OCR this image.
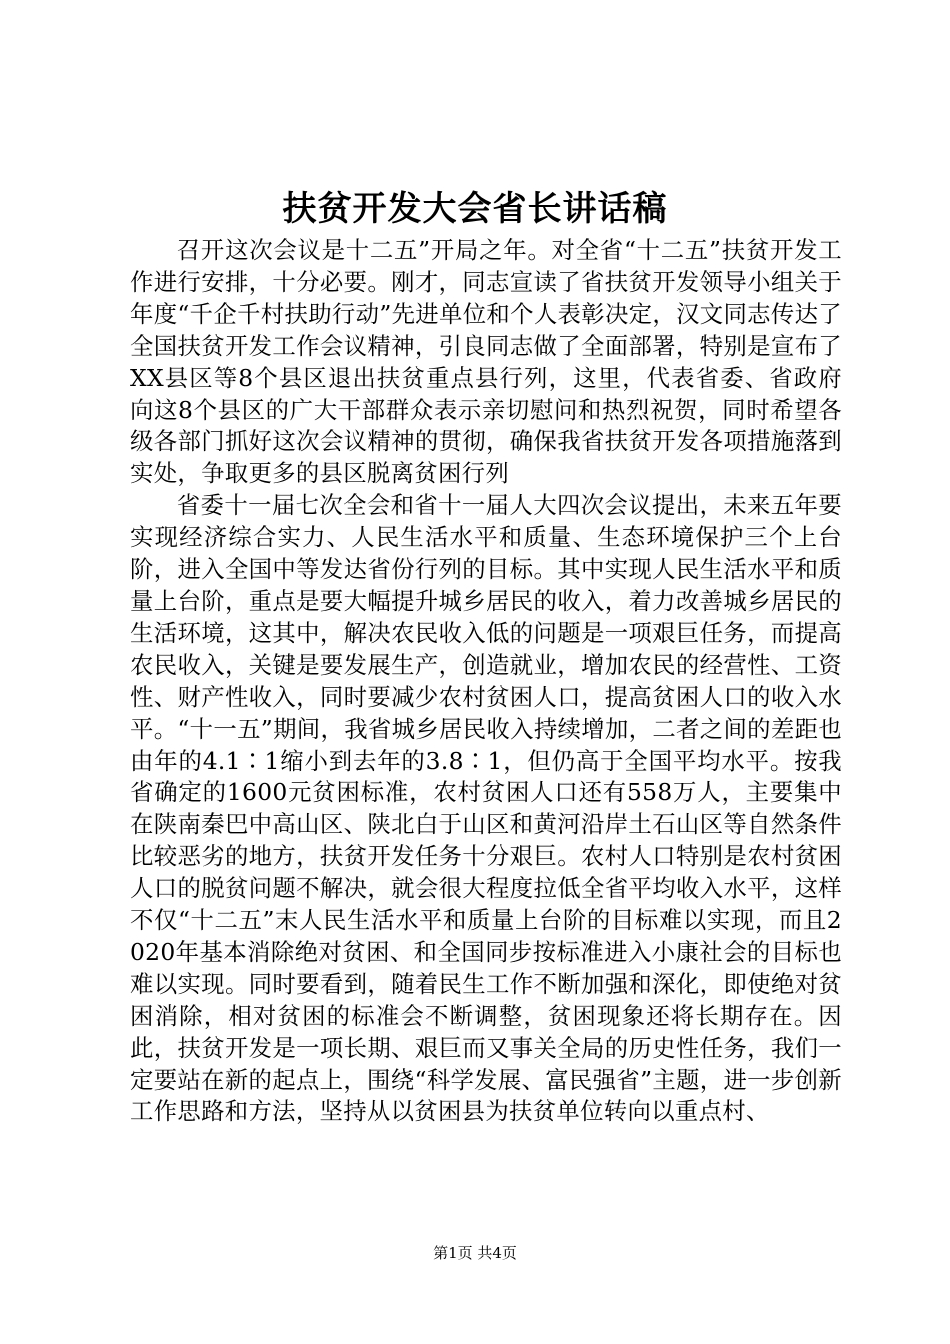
扶贫开发大会省长讲话稿

召开这次会议是十二五”开局之年。对全省“十二五”扶贫开发工作进行安排，十分必要。刚才，同志宣读了省扶贫开发领导小组关于年度“千企千村扶助行动”先进单位和个人表彰决定，汉文同志传达了全国扶贫开发工作会议精神，引良同志做了全面部署，特别是宣布了XX县区等8个县区退出扶贫重点县行列，这里，代表省委、省政府向这8个县区的广大干部群众表示亲切慰问和热烈祝贺，同时希望各级各部门抓好这次会议精神的贯彻，确保我省扶贫开发各项措施落到实处，争取更多的县区脱离贫困行列

省委十一届七次全会和省十一届人大四次会议提出，未来五年要实现经济综合实力、人民生活水平和质量、生态环境保护三个上台阶，进入全国中等发达省份行列的目标。其中实现人民生活水平和质量上台阶，重点是要大幅提升城乡居民的收入，着力改善城乡居民的生活环境，这其中，解决农民收入低的问题是一项艰巨任务，而提高农民收入，关键是要发展生产，创造就业，增加农民的经营性、工资性、财产性收入，同时要减少农村贫困人口，提高贫困人口的收入水平。“十一五”期间，我省城乡居民收入持续增加，二者之间的差距也由年的4.1∶1缩小到去年的3.8∶1，但仍高于全国平均水平。按我省确定的1600元贫困标准，农村贫困人口还有558万人，主要集中在陕南秦巴中高山区、陕北白于山区和黄河沿岸土石山区等自然条件比较恶劣的地方，扶贫开发任务十分艰巨。农村人口特别是农村贫困人口的脱贫问题不解决，就会很大程度拉低全省平均收入水平，这样不仅“十二五”末人民生活水平和质量上台阶的目标难以实现，而且2020年基本消除绝对贫困、和全国同步按标准进入小康社会的目标也难以实现。同时要看到，随着民生工作不断加强和深化，即使绝对贫困消除，相对贫困的标准会不断调整，贫困现象还将长期存在。因此，扶贫开发是一项长期、艰巨而又事关全局的历史性任务，我们一定要站在新的起点上，围绕“科学发展、富民强省”主题，进一步创新工作思路和方法，坚持从以贫困县为扶贫单位转向以重点村、

第1页 共4页
